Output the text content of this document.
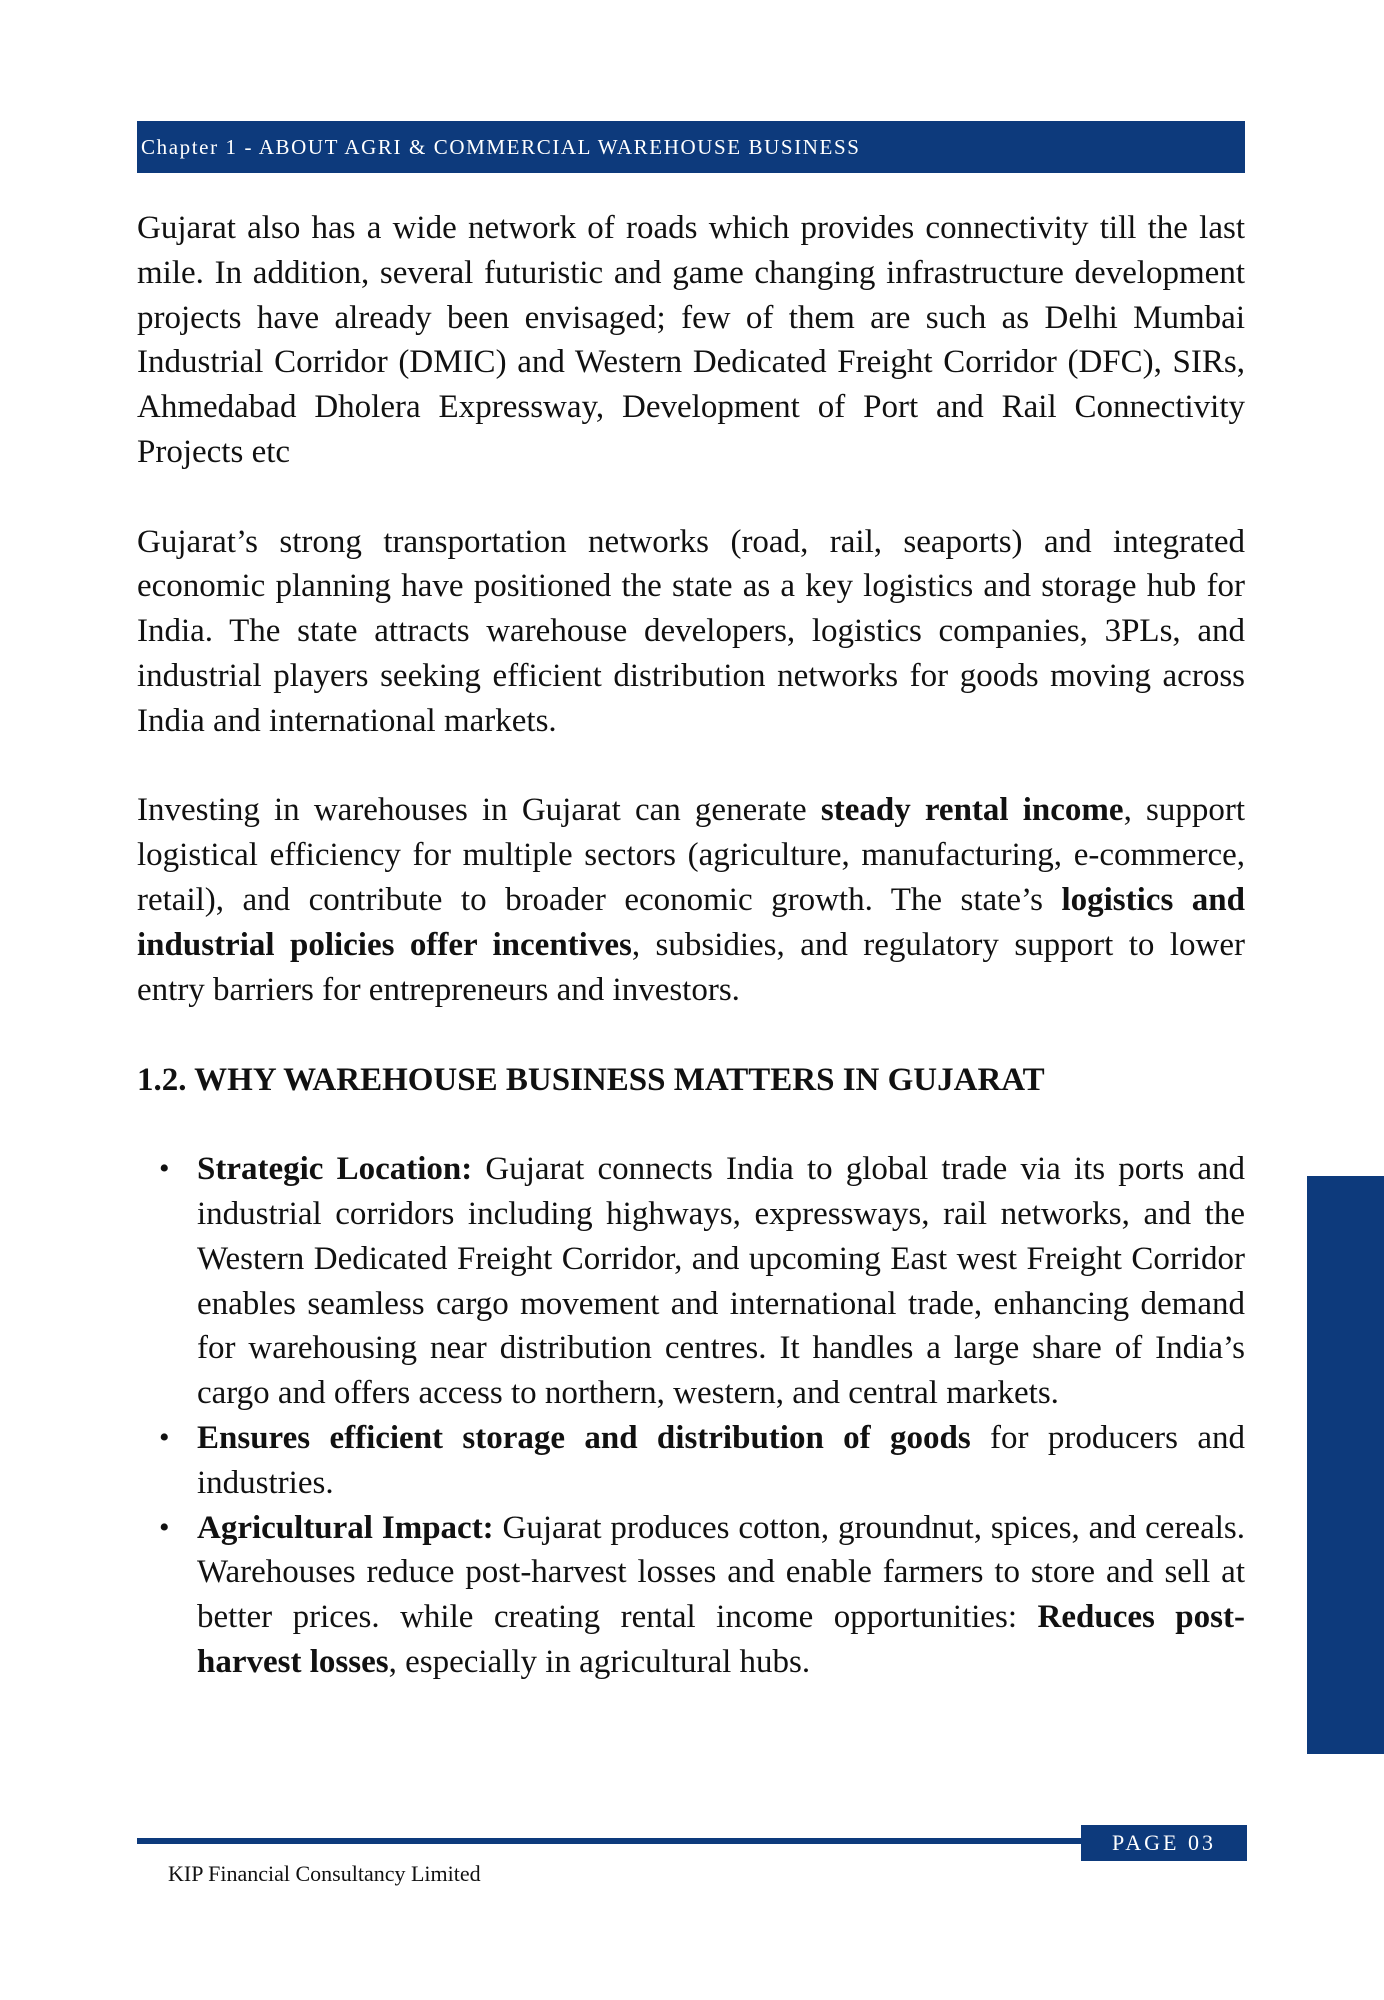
Chapter 1 - ABOUT AGRI & COMMERCIAL WAREHOUSE BUSINESS

Gujarat also has a wide network of roads which provides connectivity till the last mile. In addition, several futuristic and game changing infrastructure development projects have already been envisaged; few of them are such as Delhi Mumbai Industrial Corridor (DMIC) and Western Dedicated Freight Corridor (DFC), SIRs, Ahmedabad Dholera Expressway, Development of Port and Rail Connectivity Projects etc

Gujarat’s strong transportation networks (road, rail, seaports) and integrated economic planning have positioned the state as a key logistics and storage hub for India. The state attracts warehouse developers, logistics companies, 3PLs, and industrial players seeking efficient distribution networks for goods moving across India and international markets.

Investing in warehouses in Gujarat can generate steady rental income, support logistical efficiency for multiple sectors (agriculture, manufacturing, e-commerce, retail), and contribute to broader economic growth. The state’s logistics and industrial policies offer incentives, subsidies, and regulatory support to lower entry barriers for entrepreneurs and investors.

1.2. WHY WAREHOUSE BUSINESS MATTERS IN GUJARAT
• Strategic Location: Gujarat connects India to global trade via its ports and industrial corridors including highways, expressways, rail networks, and the Western Dedicated Freight Corridor, and upcoming East west Freight Corridor enables seamless cargo movement and international trade, enhancing demand for warehousing near distribution centres. It handles a large share of India’s cargo and offers access to northern, western, and central markets.
• Ensures efficient storage and distribution of goods for producers and industries.
• Agricultural Impact: Gujarat produces cotton, groundnut, spices, and cereals. Warehouses reduce post-harvest losses and enable farmers to store and sell at better prices. while creating rental income opportunities: Reduces post-harvest losses, especially in agricultural hubs.
PAGE 03
KIP Financial Consultancy Limited
